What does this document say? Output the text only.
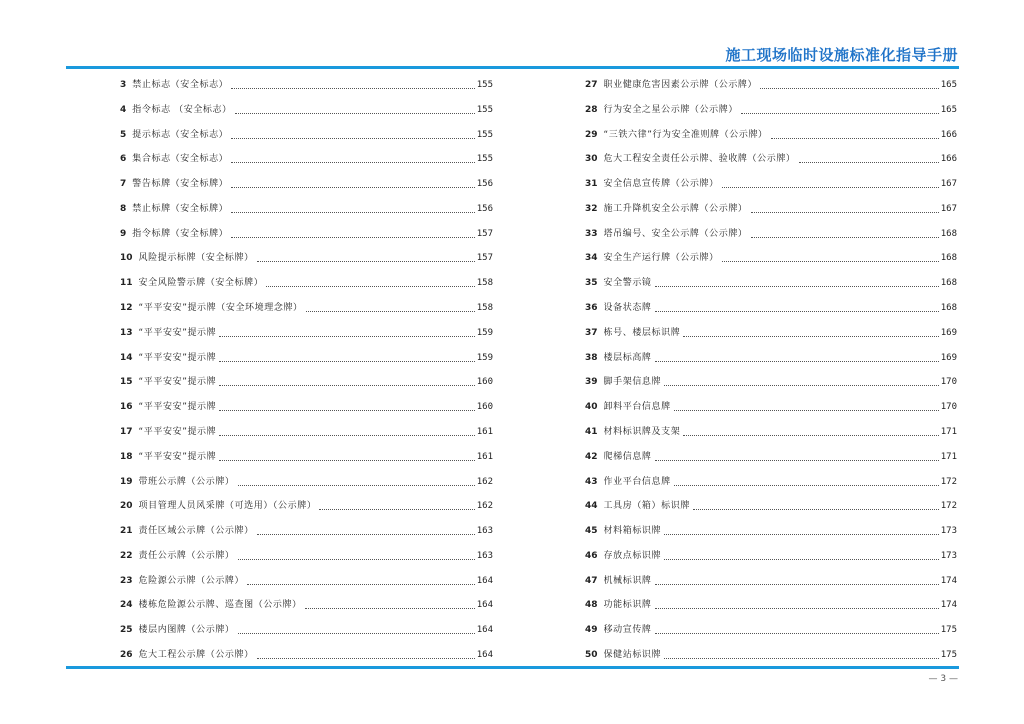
施工现场临时设施标准化指导手册
3 禁止标志（安全标志）	155
4 指令标志 （安全标志）	155
5 提示标志（安全标志）	155
6 集合标志（安全标志）	155
7 警告标牌（安全标牌）	156
8 禁止标牌（安全标牌）	156
9 指令标牌（安全标牌）	157
10 风险提示标牌（安全标牌）	157
11 安全风险警示牌（安全标牌）	158
12 “平平安安”提示牌（安全环境理念牌）	158
13 “平平安安”提示牌	159
14 “平平安安”提示牌	159
15 “平平安安”提示牌	160
16 “平平安安”提示牌	160
17 “平平安安”提示牌	161
18 “平平安安”提示牌	161
19 带班公示牌（公示牌）	162
20 项目管理人员风采牌（可选用）（公示牌）	162
21 责任区域公示牌（公示牌）	163
22 责任公示牌（公示牌）	163
23 危险源公示牌（公示牌）	164
24 楼栋危险源公示牌、巡查图（公示牌）	164
25 楼层内图牌（公示牌）	164
26 危大工程公示牌（公示牌）	164
27 职业健康危害因素公示牌（公示牌）	165
28 行为安全之星公示牌（公示牌）	165
29 “三铁六律”行为安全准则牌（公示牌）	166
30 危大工程安全责任公示牌、验收牌（公示牌）	166
31 安全信息宣传牌（公示牌）	167
32 施工升降机安全公示牌（公示牌）	167
33 塔吊编号、安全公示牌（公示牌）	168
34 安全生产运行牌（公示牌）	168
35 安全警示镜	168
36 设备状态牌	168
37 栋号、楼层标识牌	169
38 楼层标高牌	169
39 脚手架信息牌	170
40 卸料平台信息牌	170
41 材料标识牌及支架	171
42 爬梯信息牌	171
43 作业平台信息牌	172
44 工具房（箱）标识牌	172
45 材料箱标识牌	173
46 存放点标识牌	173
47 机械标识牌	174
48 功能标识牌	174
49 移动宣传牌	175
50 保健站标识牌	175
— 3 —
